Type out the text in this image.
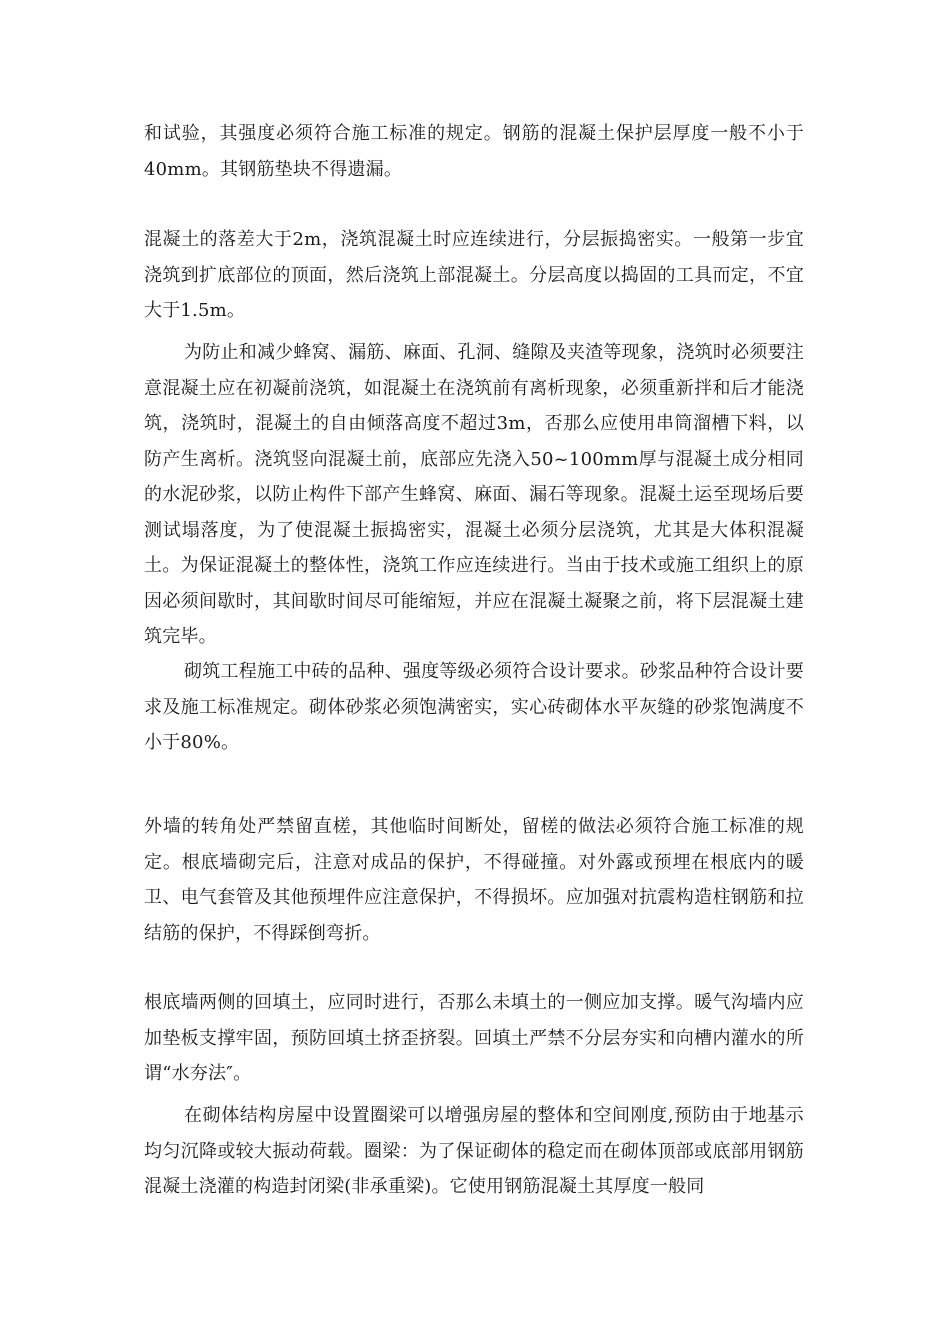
和试验，其强度必须符合施工标准的规定。钢筋的混凝土保护层厚度一般不小于40mm。其钢筋垫块不得遗漏。

混凝土的落差大于2m，浇筑混凝土时应连续进行，分层振捣密实。一般第一步宜浇筑到扩底部位的顶面，然后浇筑上部混凝土。分层高度以捣固的工具而定，不宜大于1.5m。

为防止和减少蜂窝、漏筋、麻面、孔洞、缝隙及夹渣等现象，浇筑时必须要注意混凝土应在初凝前浇筑，如混凝土在浇筑前有离析现象，必须重新拌和后才能浇筑，浇筑时，混凝土的自由倾落高度不超过3m，否那么应使用串筒溜槽下料，以防产生离析。浇筑竖向混凝土前，底部应先浇入50~100mm厚与混凝土成分相同的水泥砂浆，以防止构件下部产生蜂窝、麻面、漏石等现象。混凝土运至现场后要测试塌落度，为了使混凝土振捣密实，混凝土必须分层浇筑，尤其是大体积混凝土。为保证混凝土的整体性，浇筑工作应连续进行。当由于技术或施工组织上的原因必须间歇时，其间歇时间尽可能缩短，并应在混凝土凝聚之前，将下层混凝土建筑完毕。

砌筑工程施工中砖的品种、强度等级必须符合设计要求。砂浆品种符合设计要求及施工标准规定。砌体砂浆必须饱满密实，实心砖砌体水平灰缝的砂浆饱满度不小于80%。

外墙的转角处严禁留直槎，其他临时间断处，留槎的做法必须符合施工标准的规定。根底墙砌完后，注意对成品的保护，不得碰撞。对外露或预埋在根底内的暖卫、电气套管及其他预埋件应注意保护，不得损坏。应加强对抗震构造柱钢筋和拉结筋的保护，不得踩倒弯折。

根底墙两侧的回填土，应同时进行，否那么未填土的一侧应加支撑。暖气沟墙内应加垫板支撑牢固，预防回填土挤歪挤裂。回填土严禁不分层夯实和向槽内灌水的所谓“水夯法″。

在砌体结构房屋中设置圈梁可以增强房屋的整体和空间刚度,预防由于地基示均匀沉降或较大振动荷载。圈梁：为了保证砌体的稳定而在砌体顶部或底部用钢筋混凝土浇灌的构造封闭梁(非承重梁)。它使用钢筋混凝土其厚度一般同
